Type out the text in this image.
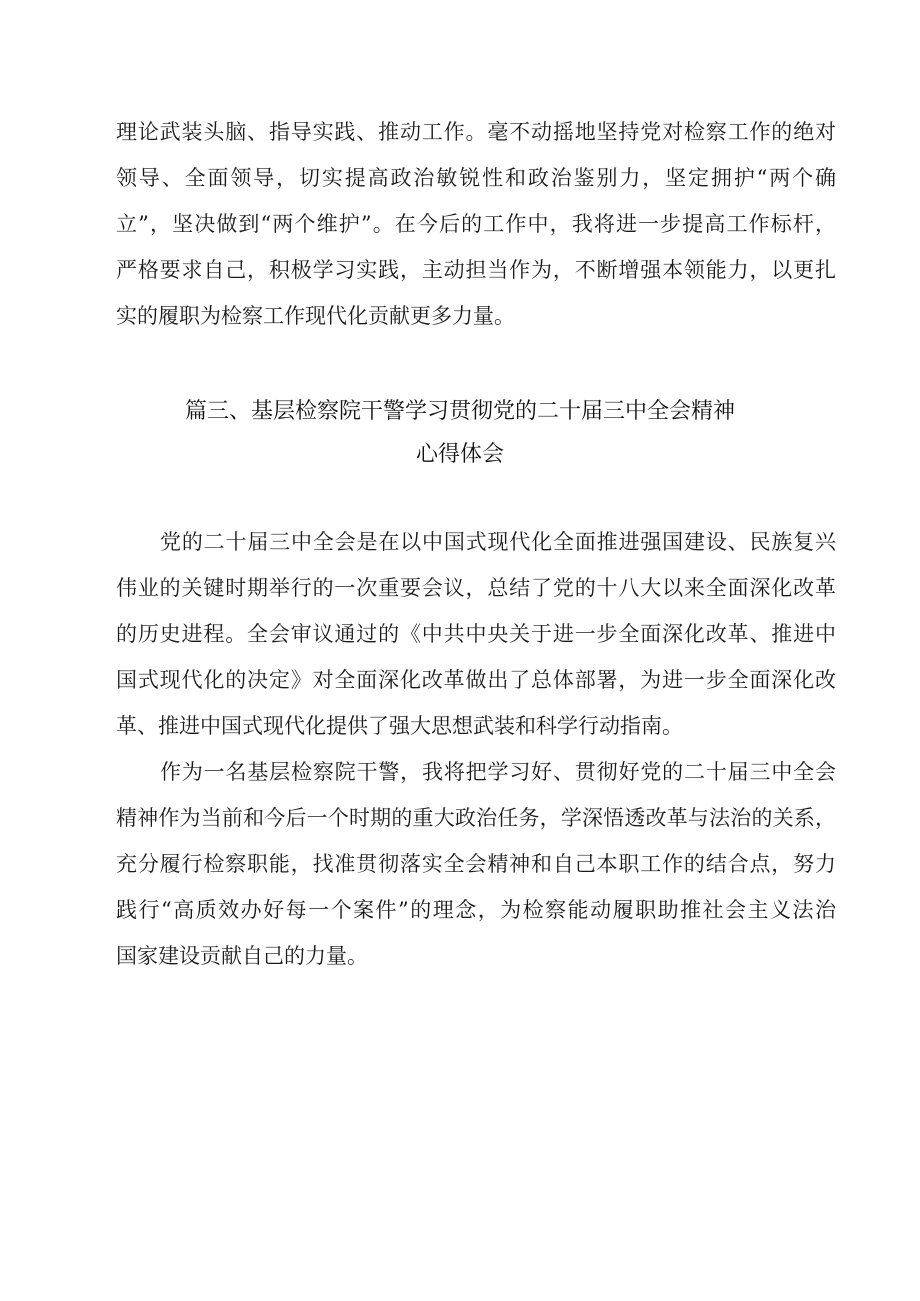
理论武装头脑、指导实践、推动工作。毫不动摇地坚持党对检察工作的绝对
领导、全面领导，切实提高政治敏锐性和政治鉴别力，坚定拥护“两个确
立”，坚决做到“两个维护”。在今后的工作中，我将进一步提高工作标杆，
严格要求自己，积极学习实践，主动担当作为，不断增强本领能力，以更扎
实的履职为检察工作现代化贡献更多力量。
篇三、基层检察院干警学习贯彻党的二十届三中全会精神
心得体会
党的二十届三中全会是在以中国式现代化全面推进强国建设、民族复兴
伟业的关键时期举行的一次重要会议，总结了党的十八大以来全面深化改革
的历史进程。全会审议通过的《中共中央关于进一步全面深化改革、推进中
国式现代化的决定》对全面深化改革做出了总体部署，为进一步全面深化改
革、推进中国式现代化提供了强大思想武装和科学行动指南。
作为一名基层检察院干警，我将把学习好、贯彻好党的二十届三中全会
精神作为当前和今后一个时期的重大政治任务，学深悟透改革与法治的关系，
充分履行检察职能，找准贯彻落实全会精神和自己本职工作的结合点，努力
践行“高质效办好每一个案件”的理念，为检察能动履职助推社会主义法治
国家建设贡献自己的力量。
